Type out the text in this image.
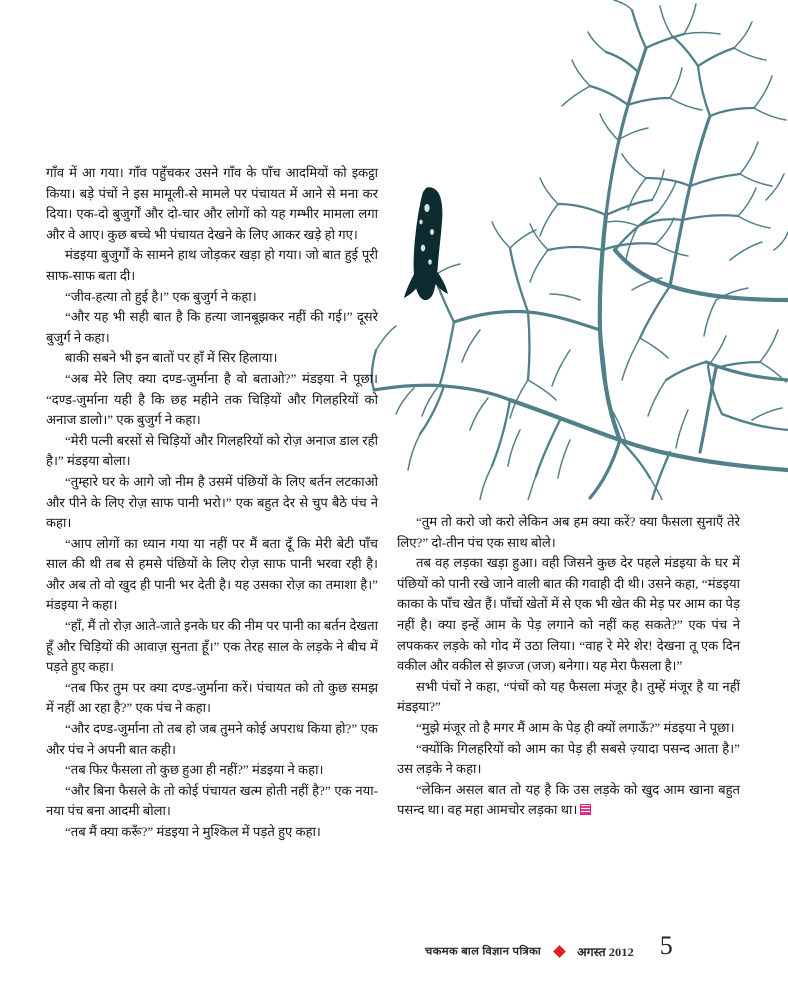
गाँव में आ गया। गाँव पहुँचकर उसने गाँव के पाँच आदमियों को इकट्ठा किया। बड़े पंचों ने इस मामूली-से मामले पर पंचायत में आने से मना कर दिया। एक-दो बुजुर्गों और दो-चार और लोगों को यह गम्भीर मामला लगा और वे आए। कुछ बच्चे भी पंचायत देखने के लिए आकर खड़े हो गए।

मंडइया बुजुर्गों के सामने हाथ जोड़कर खड़ा हो गया। जो बात हुई पूरी साफ-साफ बता दी।

“जीव-हत्या तो हुई है।” एक बुजुर्ग ने कहा।

“और यह भी सही बात है कि हत्या जानबूझकर नहीं की गई।” दूसरे बुजुर्ग ने कहा।

बाकी सबने भी इन बातों पर हाँ में सिर हिलाया।

“अब मेरे लिए क्या दण्ड-जुर्माना है वो बताओ?” मंडइया ने पूछा। “दण्ड-जुर्माना यही है कि छह महीने तक चिड़ियों और गिलहरियों को अनाज डालो।” एक बुजुर्ग ने कहा।

“मेरी पत्नी बरसों से चिड़ियों और गिलहरियों को रोज़ अनाज डाल रही है।” मंडइया बोला।

“तुम्हारे घर के आगे जो नीम है उसमें पंछियों के लिए बर्तन लटकाओ और पीने के लिए रोज़ साफ पानी भरो।” एक बहुत देर से चुप बैठे पंच ने कहा।

“आप लोगों का ध्यान गया या नहीं पर मैं बता दूँ कि मेरी बेटी पाँच साल की थी तब से हमसे पंछियों के लिए रोज़ साफ पानी भरवा रही है। और अब तो वो खुद ही पानी भर देती है। यह उसका रोज़ का तमाशा है।” मंडइया ने कहा।

“हाँ, मैं तो रोज़ आते-जाते इनके घर की नीम पर पानी का बर्तन देखता हूँ और चिड़ियों की आवाज़ सुनता हूँ।” एक तेरह साल के लड़के ने बीच में पड़ते हुए कहा।

“तब फिर तुम पर क्या दण्ड-जुर्माना करें। पंचायत को तो कुछ समझ में नहीं आ रहा है?” एक पंच ने कहा।

“और दण्ड-जुर्माना तो तब हो जब तुमने कोई अपराध किया हो?” एक और पंच ने अपनी बात कही।

“तब फिर फैसला तो कुछ हुआ ही नहीं?” मंडइया ने कहा।

“और बिना फैसले के तो कोई पंचायत खत्म होती नहीं है?” एक नया-नया पंच बना आदमी बोला।

“तब मैं क्या करूँ?” मंडइया ने मुश्किल में पड़ते हुए कहा।

“तुम तो करो जो करो लेकिन अब हम क्या करें? क्या फैसला सुनाएँ तेरे लिए?” दो-तीन पंच एक साथ बोले।

तब वह लड़का खड़ा हुआ। वही जिसने कुछ देर पहले मंडइया के घर में पंछियों को पानी रखे जाने वाली बात की गवाही दी थी। उसने कहा, “मंडइया काका के पाँच खेत हैं। पाँचों खेतों में से एक भी खेत की मेड़ पर आम का पेड़ नहीं है। क्या इन्हें आम के पेड़ लगाने को नहीं कह सकते?” एक पंच ने लपककर लड़के को गोद में उठा लिया। “वाह रे मेरे शेर! देखना तू एक दिन वकील और वकील से झज्ज (जज) बनेगा। यह मेरा फैसला है।”

सभी पंचों ने कहा, “पंचों को यह फैसला मंजूर है। तुम्हें मंजूर है या नहीं मंडइया?”

“मुझे मंजूर तो है मगर मैं आम के पेड़ ही क्यों लगाऊँ?” मंडइया ने पूछा।

“क्योंकि गिलहरियों को आम का पेड़ ही सबसे ज़्यादा पसन्द आता है।” उस लड़के ने कहा।

“लेकिन असल बात तो यह है कि उस लड़के को खुद आम खाना बहुत पसन्द था। वह महा आमचोर लड़का था।

चकमक बाल विज्ञान पत्रिका	अगस्त 2012 5
